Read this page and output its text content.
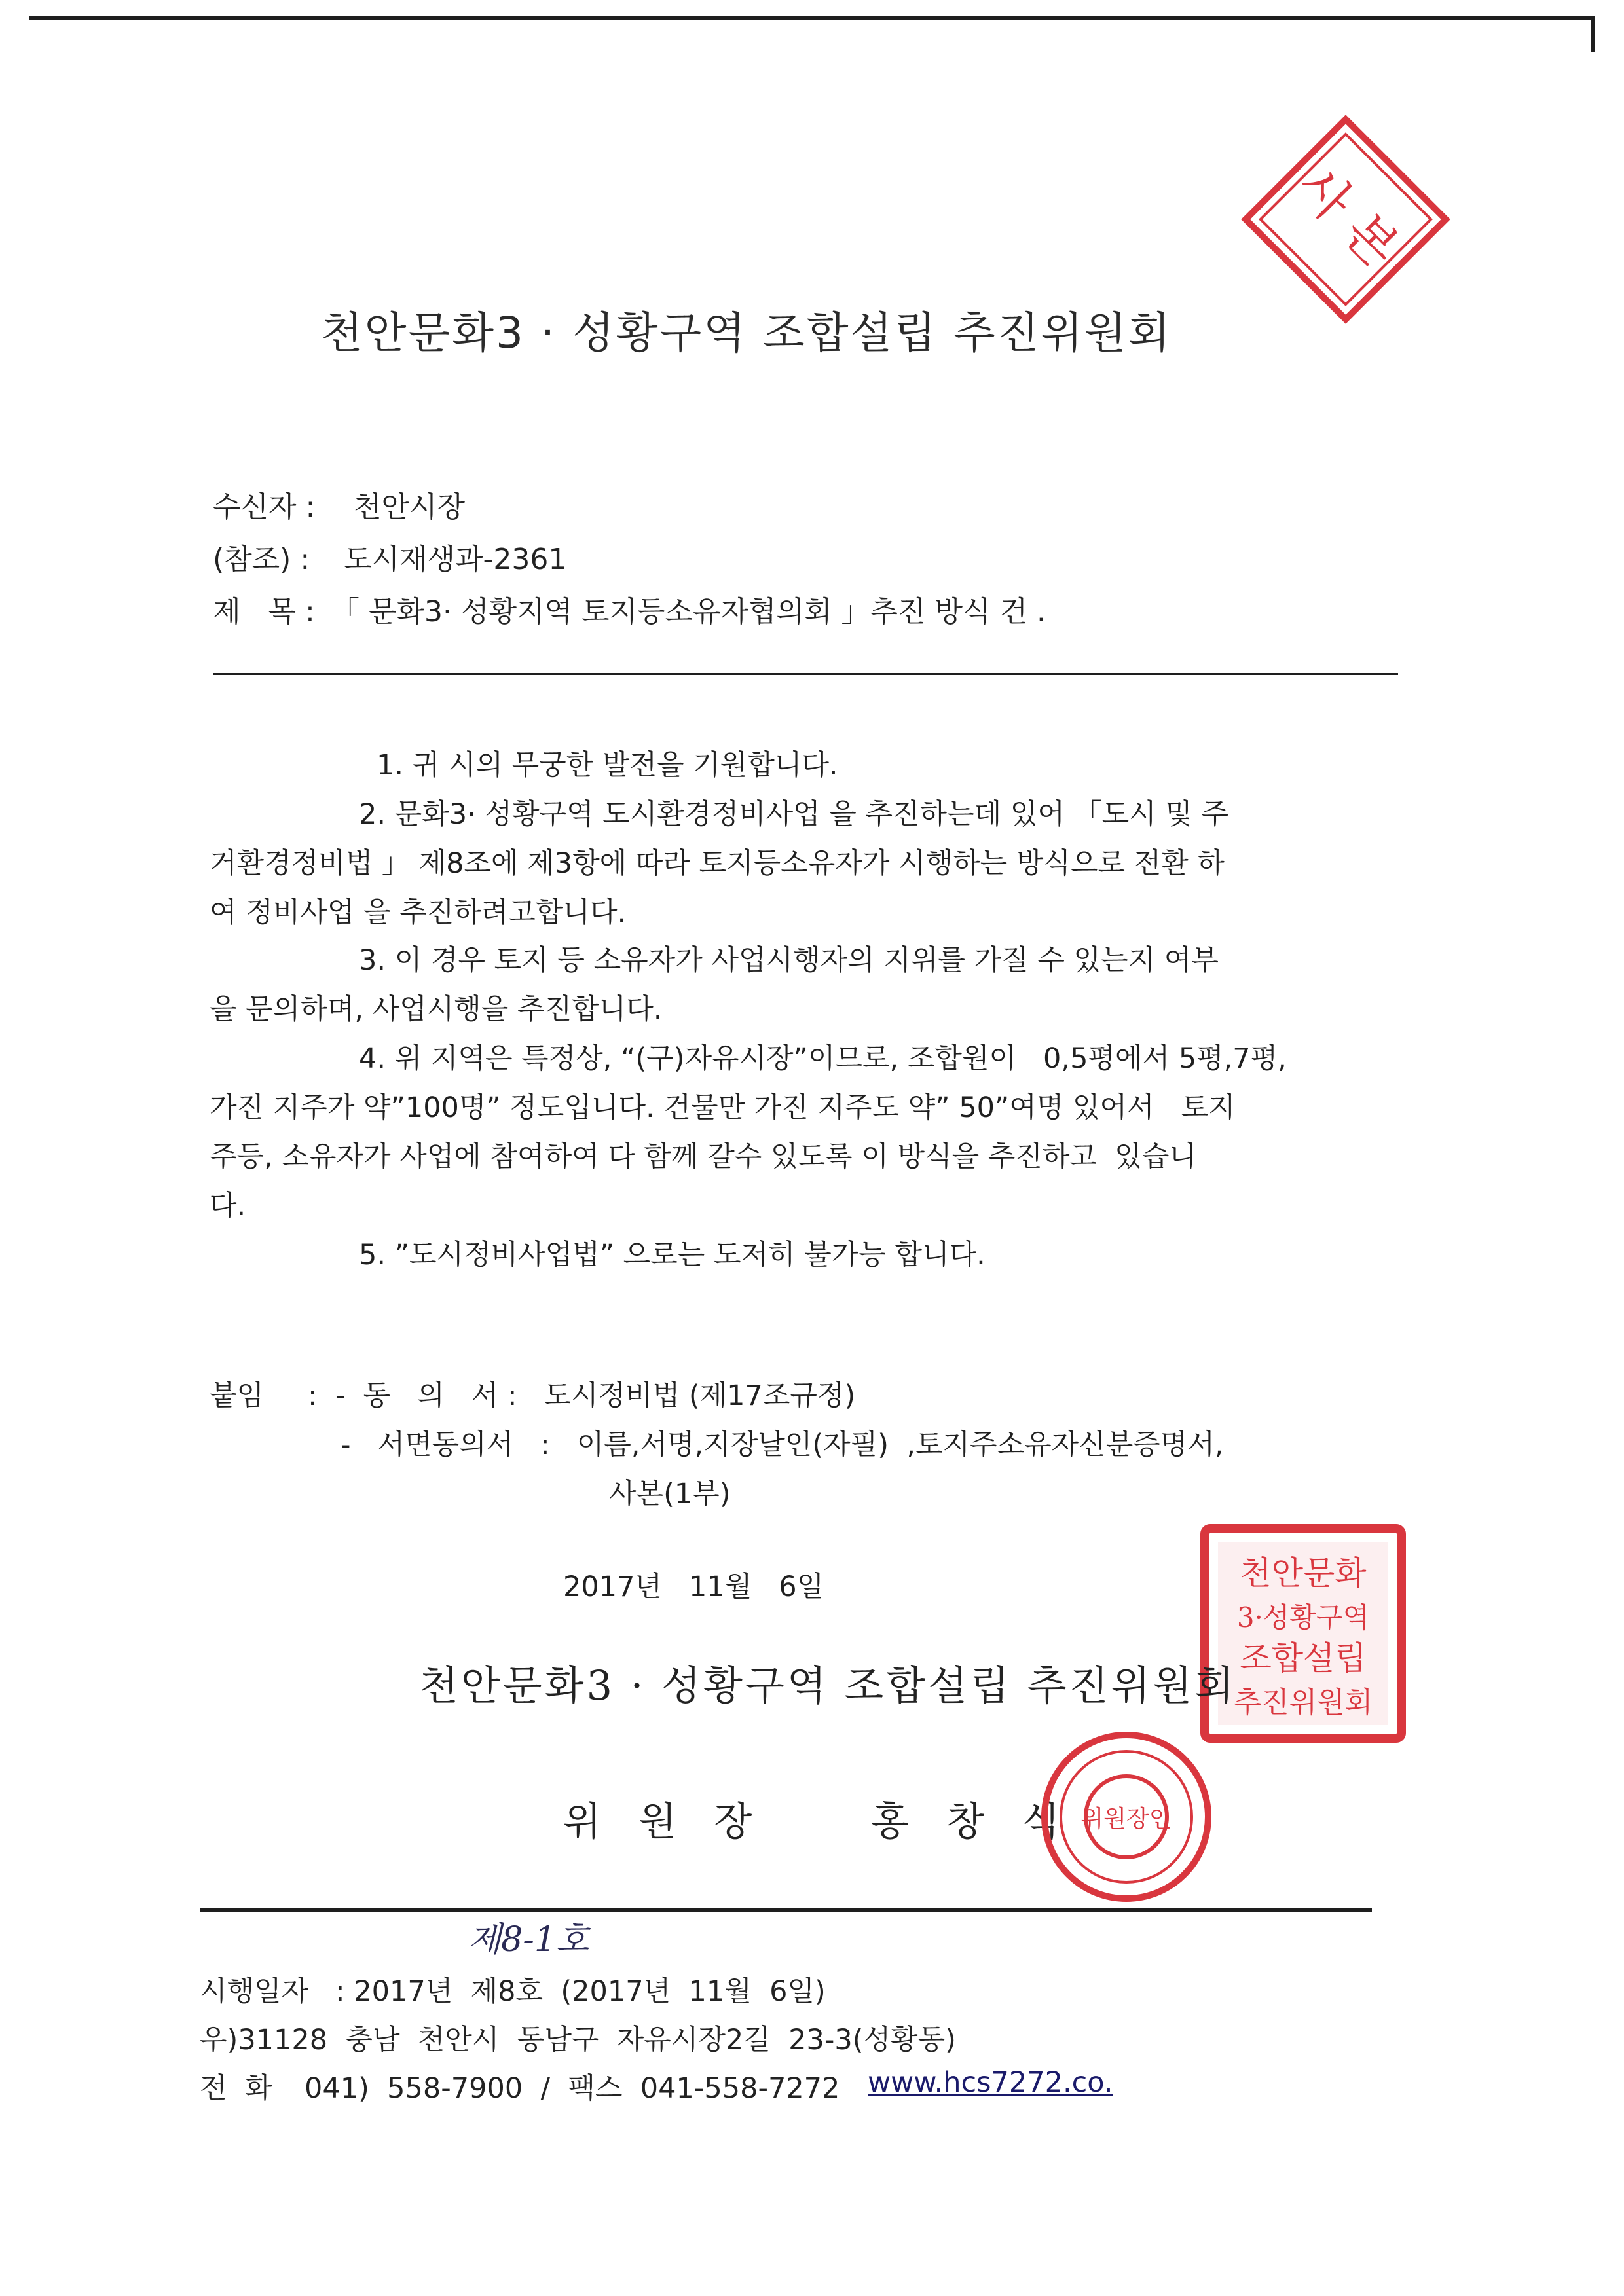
사 본
천안문화3 · 성황구역 조합설립 추진위원회
수신자 : 천안시장
(참조) : 도시재생과-2361
제   목 : 「 문화3· 성황지역 토지등소유자협의회 」추진 방식 건 .
1. 귀 시의 무궁한 발전을 기원합니다.
2. 문화3· 성황구역 도시환경정비사업 을 추진하는데 있어 「도시 및 주
거환경정비법 」 제8조에 제3항에 따라 토지등소유자가 시행하는 방식으로 전환 하
여 정비사업 을 추진하려고합니다.
3. 이 경우 토지 등 소유자가 사업시행자의 지위를 가질 수 있는지 여부
을 문의하며, 사업시행을 추진합니다.
4. 위 지역은 특정상, “(구)자유시장”이므로, 조합원이   0,5평에서 5평,7평,
가진 지주가 약”100명” 정도입니다. 건물만 가진 지주도 약” 50”여명 있어서   토지
주등, 소유자가 사업에 참여하여 다 함께 갈수 있도록 이 방식을 추진하고  있습니
다.
5. ”도시정비사업법” 으로는 도저히 불가능 합니다.
붙임 :  -  동   의   서 :   도시정비법 (제17조규정)
-   서면동의서   :   이름,서명,지장날인(자필)  ,토지주소유자신분증명서,
사본(1부)
2017년   11월   6일	천안문화
3·성황구역
조합설립
추진위원회
천안문화3 · 성황구역 조합설립 추진위원회
위   원   장	홍   창   식 위원장인
제8-1호
시행일자   : 2017년  제8호  (2017년  11월  6일)
우)31128  충남  천안시  동남구  자유시장2길  23-3(성황동)
전  화 041)  558-7900  /  팩스  041-558-7272 www.hcs7272.co.
